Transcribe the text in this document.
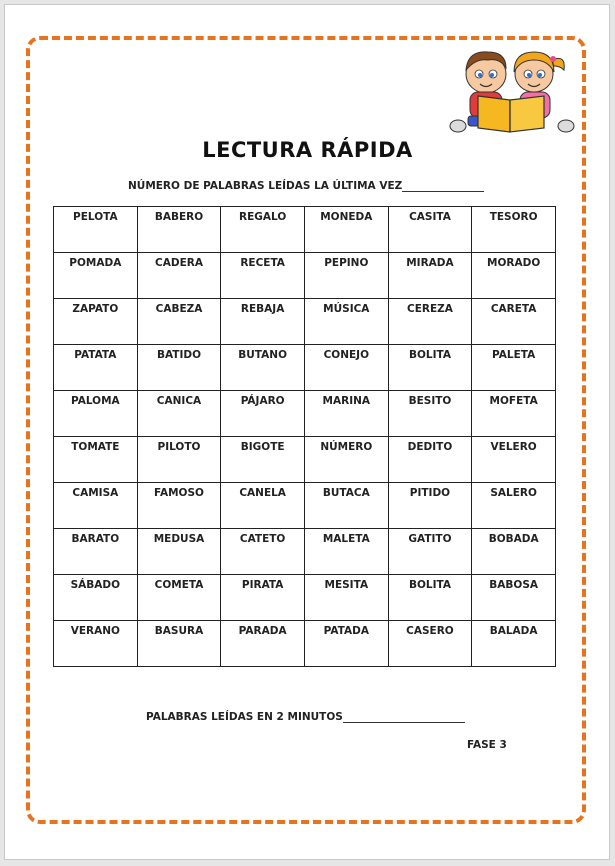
LECTURA RÁPIDA
NÚMERO DE PALABRAS LEÍDAS LA ÚLTIMA VEZ
PELOTA	BABERO	REGALO	MONEDA	CASITA	TESORO
POMADA	CADERA	RECETA	PEPINO	MIRADA	MORADO
ZAPATO	CABEZA	REBAJA	MÚSICA	CEREZA	CARETA
PATATA	BATIDO	BUTANO	CONEJO	BOLITA	PALETA
PALOMA	CANICA	PÁJARO	MARINA	BESITO	MOFETA
TOMATE	PILOTO	BIGOTE	NÚMERO	DEDITO	VELERO
CAMISA	FAMOSO	CANELA	BUTACA	PITIDO	SALERO
BARATO	MEDUSA	CATETO	MALETA	GATITO	BOBADA
SÁBADO	COMETA	PIRATA	MESITA	BOLITA	BABOSA
VERANO	BASURA	PARADA	PATADA	CASERO	BALADA
PALABRAS LEÍDAS EN 2 MINUTOS
FASE 3
